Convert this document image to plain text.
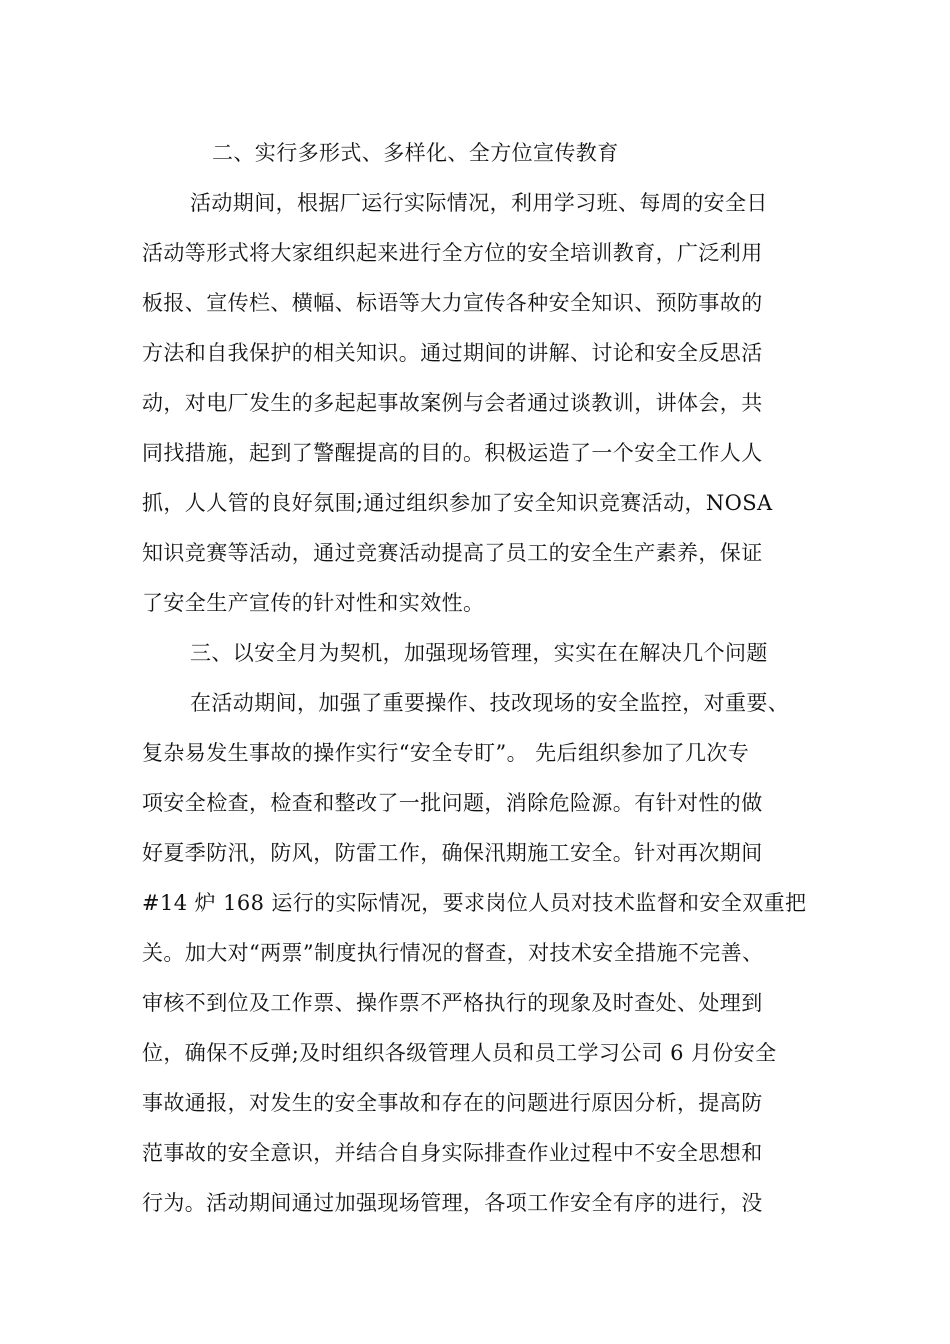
二、实行多形式、多样化、全方位宣传教育
活动期间，根据厂运行实际情况，利用学习班、每周的安全日
活动等形式将大家组织起来进行全方位的安全培训教育，广泛利用
板报、宣传栏、横幅、标语等大力宣传各种安全知识、预防事故的
方法和自我保护的相关知识。通过期间的讲解、讨论和安全反思活
动，对电厂发生的多起起事故案例与会者通过谈教训，讲体会，共
同找措施，起到了警醒提高的目的。积极运造了一个安全工作人人
抓，人人管的良好氛围;通过组织参加了安全知识竞赛活动，NOSA
知识竞赛等活动，通过竞赛活动提高了员工的安全生产素养，保证
了安全生产宣传的针对性和实效性。
三、以安全月为契机，加强现场管理，实实在在解决几个问题
在活动期间，加强了重要操作、技改现场的安全监控，对重要、
复杂易发生事故的操作实行“安全专盯”。 先后组织参加了几次专
项安全检查，检查和整改了一批问题，消除危险源。有针对性的做
好夏季防汛，防风，防雷工作，确保汛期施工安全。针对再次期间
#14 炉 168 运行的实际情况，要求岗位人员对技术监督和安全双重把
关。加大对“两票”制度执行情况的督查，对技术安全措施不完善、
审核不到位及工作票、操作票不严格执行的现象及时查处、处理到
位，确保不反弹;及时组织各级管理人员和员工学习公司 6 月份安全
事故通报，对发生的安全事故和存在的问题进行原因分析，提高防
范事故的安全意识，并结合自身实际排查作业过程中不安全思想和
行为。活动期间通过加强现场管理，各项工作安全有序的进行，没
